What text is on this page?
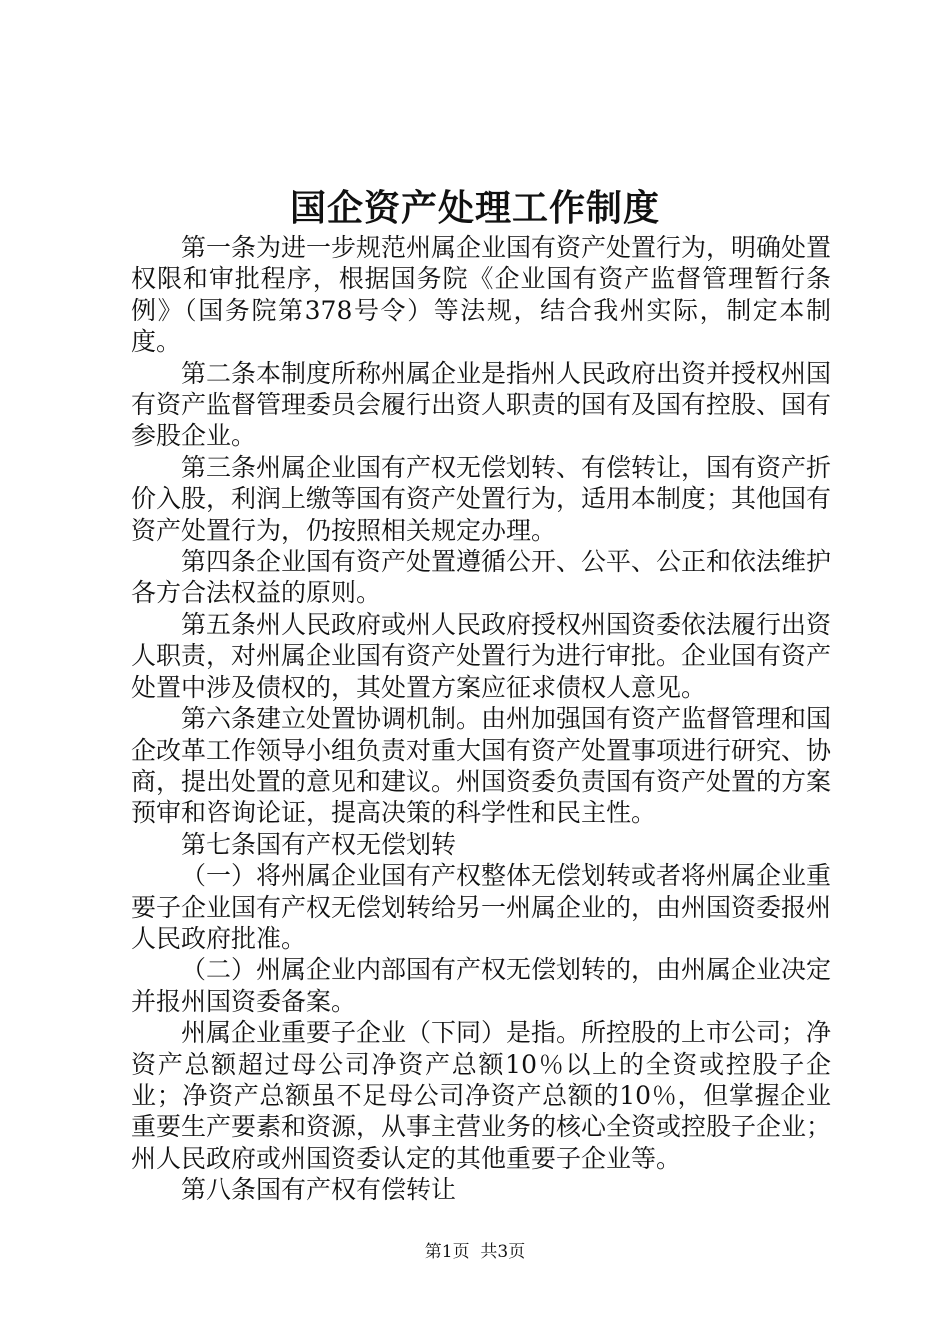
国企资产处理工作制度

第一条为进一步规范州属企业国有资产处置行为，明确处置权限和审批程序，根据国务院《企业国有资产监督管理暂行条例》（国务院第378号令）等法规，结合我州实际，制定本制度。

第二条本制度所称州属企业是指州人民政府出资并授权州国有资产监督管理委员会履行出资人职责的国有及国有控股、国有参股企业。

第三条州属企业国有产权无偿划转、有偿转让，国有资产折价入股，利润上缴等国有资产处置行为，适用本制度；其他国有资产处置行为，仍按照相关规定办理。

第四条企业国有资产处置遵循公开、公平、公正和依法维护各方合法权益的原则。

第五条州人民政府或州人民政府授权州国资委依法履行出资人职责，对州属企业国有资产处置行为进行审批。企业国有资产处置中涉及债权的，其处置方案应征求债权人意见。

第六条建立处置协调机制。由州加强国有资产监督管理和国企改革工作领导小组负责对重大国有资产处置事项进行研究、协商，提出处置的意见和建议。州国资委负责国有资产处置的方案预审和咨询论证，提高决策的科学性和民主性。

第七条国有产权无偿划转

（一）将州属企业国有产权整体无偿划转或者将州属企业重要子企业国有产权无偿划转给另一州属企业的，由州国资委报州人民政府批准。

（二）州属企业内部国有产权无偿划转的，由州属企业决定并报州国资委备案。

州属企业重要子企业（下同）是指。所控股的上市公司；净资产总额超过母公司净资产总额10％以上的全资或控股子企业；净资产总额虽不足母公司净资产总额的10％，但掌握企业重要生产要素和资源，从事主营业务的核心全资或控股子企业；州人民政府或州国资委认定的其他重要子企业等。

第八条国有产权有偿转让

第1页 共3页
